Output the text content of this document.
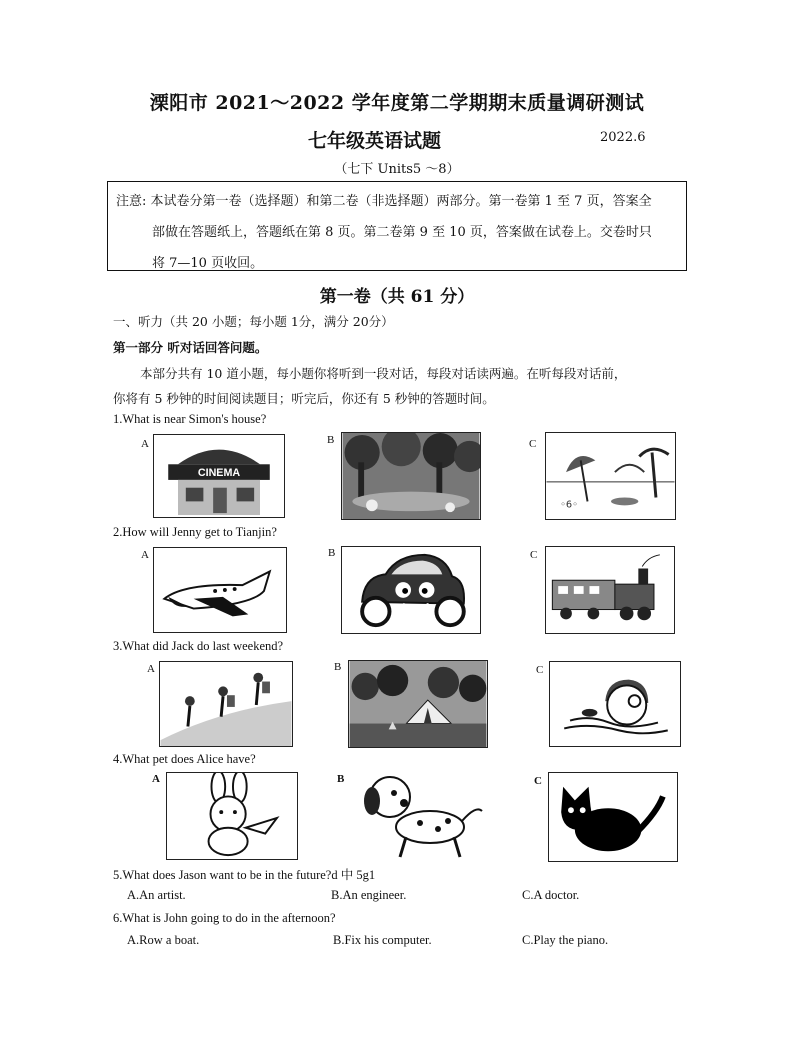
溧阳市 2021～2022 学年度第二学期期末质量调研测试
七年级英语试题	2022.6
（七下 Units5 ～8）
注意: 本试卷分第一卷（选择题）和第二卷（非选择题）两部分。第一卷第 1 至 7 页，答案全
部做在答题纸上，答题纸在第 8 页。第二卷第 9 至 10 页，答案做在试卷上。交卷时只
将 7—10 页收回。
第一卷（共 61 分）
一、听力（共 20 小题；每小题 1分，满分 20分）
第一部分 听对话回答问题。
本部分共有 10 道小题，每小题你将听到一段对话，每段对话读两遍。在听每段对话前，
你将有 5 秒钟的时间阅读题目；听完后，你还有 5 秒钟的答题时间。
1.What is near Simon's house?
A
CINEMA
B	C
◦6◦
2.How will Jenny get to Tianjin?
A	B	C
3.What did Jack do last weekend?
A	B	C
4.What pet does Alice have?
A	B	C
5.What does Jason want to be in the future?d 中 5g1
A.An artist.	B.An engineer.	C.A doctor.
6.What is John going to do in the afternoon?
A.Row a boat.	B.Fix his computer.	C.Play the piano.
